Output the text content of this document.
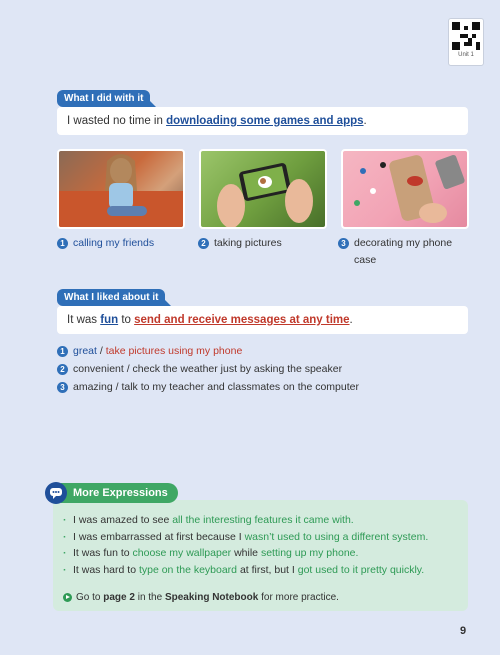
Unit 1
What I did with it
I wasted no time in downloading some games and apps.
1 calling my friends	2 taking pictures	3 decorating my phone
case
What I liked about it
It was fun to send and receive messages at any time.
1 great / take pictures using my phone
2 convenient / check the weather just by asking the speaker
3 amazing / talk to my teacher and classmates on the computer
More Expressions
· I was amazed to see all the interesting features it came with.
· I was embarrassed at first because I wasn’t used to using a different system.
· It was fun to choose my wallpaper while setting up my phone.
· It was hard to type on the keyboard at first, but I got used to it pretty quickly.
Go to page 2 in the Speaking Notebook for more practice.
9
